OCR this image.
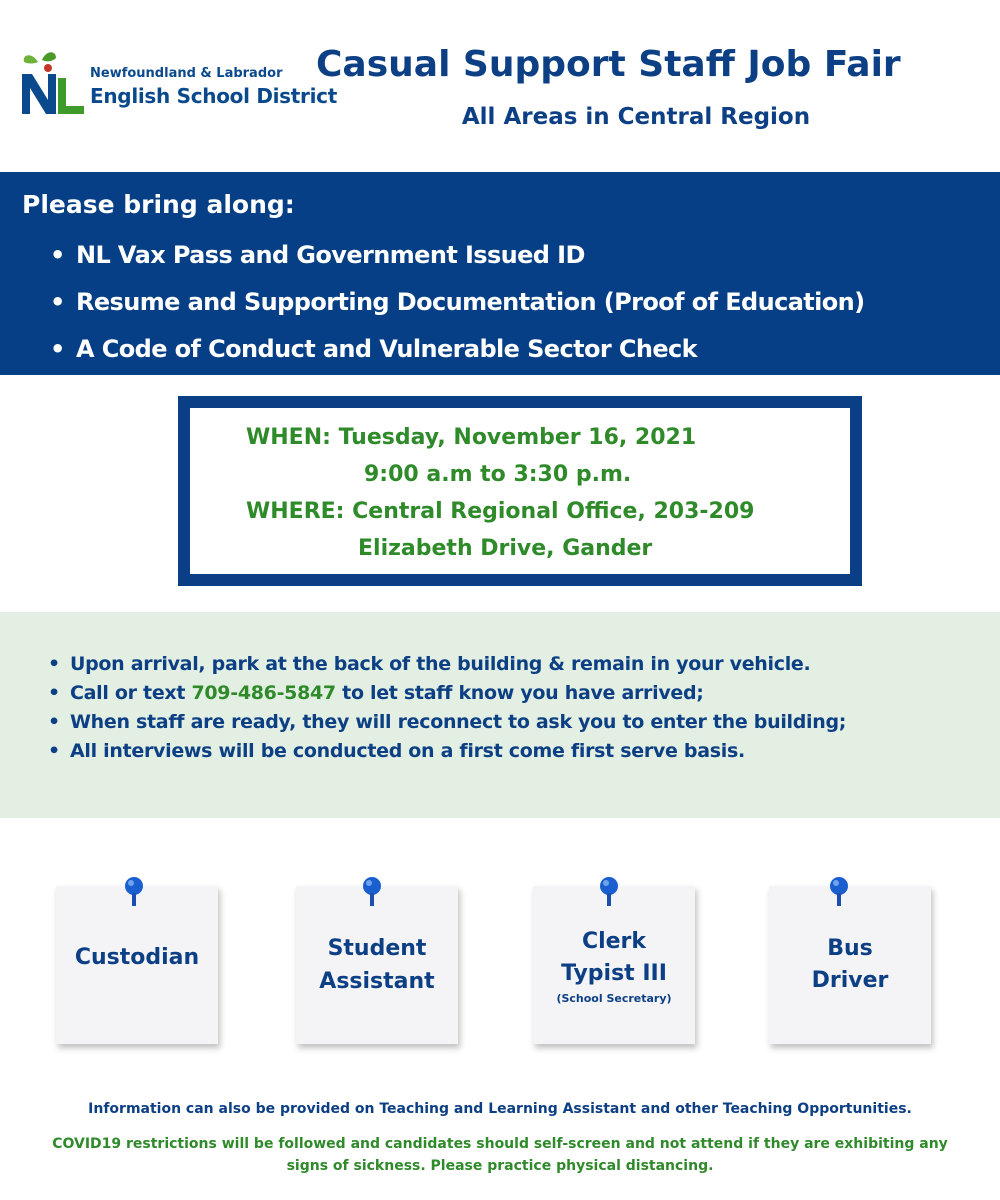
Newfoundland & Labrador
English School District
Casual Support Staff Job Fair
All Areas in Central Region
Please bring along:
• NL Vax Pass and Government Issued ID
• Resume and Supporting Documentation (Proof of Education)
• A Code of Conduct and Vulnerable Sector Check
WHEN: Tuesday, November 16, 2021
9:00 a.m to 3:30 p.m.
WHERE: Central Regional Office, 203-209
Elizabeth Drive, Gander
• Upon arrival, park at the back of the building & remain in your vehicle.
• Call or text 709-486-5847 to let staff know you have arrived;
• When staff are ready, they will reconnect to ask you to enter the building;
• All interviews will be conducted on a first come first serve basis.
Custodian	Student
Assistant
Clerk
Typist III
(School Secretary)
Bus
Driver
Information can also be provided on Teaching and Learning Assistant and other Teaching Opportunities.
COVID19 restrictions will be followed and candidates should self-screen and not attend if they are exhibiting any signs of sickness. Please practice physical distancing.
